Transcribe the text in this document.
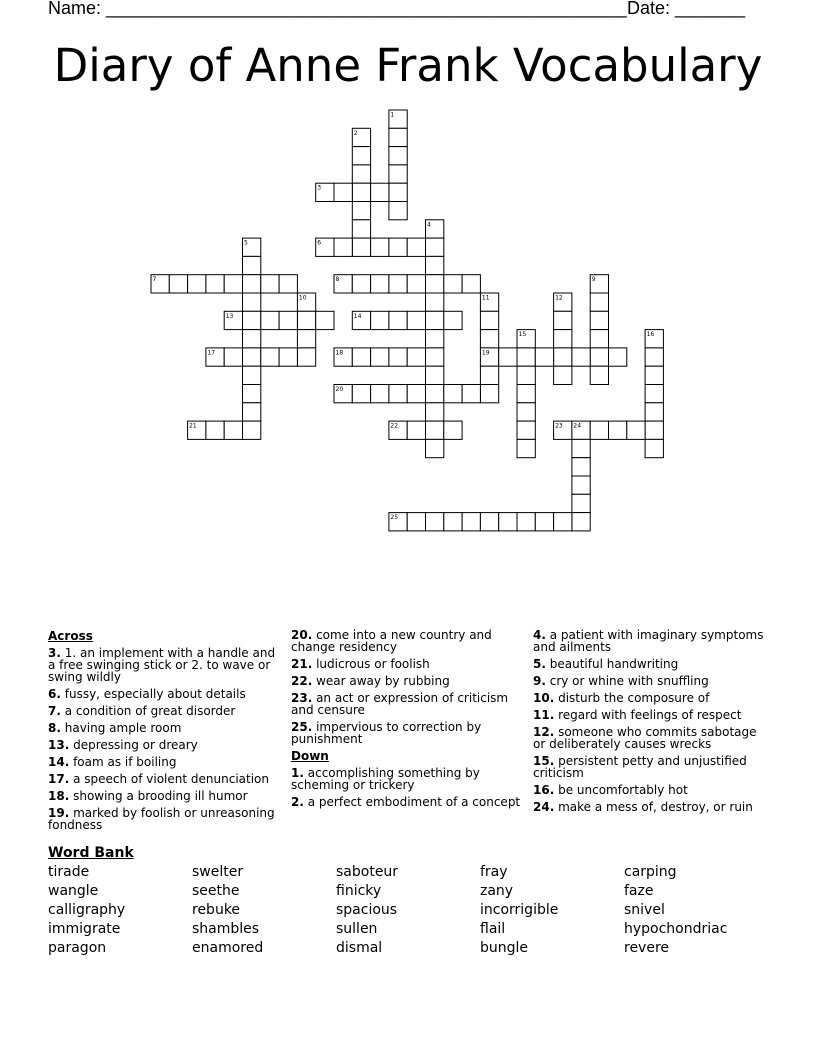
Name: ____________________________________________________ Date: _______
Diary of Anne Frank Vocabulary
1
2
3
4
5	6
7	8	9
10	11
19
12
13	14
15	16
17	18
20
21	22	23 24
25
Across
3. 1. an implement with a handle and a free swinging stick or 2. to wave or swing wildly
6. fussy, especially about details
7. a condition of great disorder
8. having ample room
13. depressing or dreary
14. foam as if boiling
17. a speech of violent denunciation
18. showing a brooding ill humor
19. marked by foolish or unreasoning fondness
20. come into a new country and change residency
21. ludicrous or foolish
22. wear away by rubbing
23. an act or expression of criticism and censure
25. impervious to correction by punishment
Down
1. accomplishing something by scheming or trickery
2. a perfect embodiment of a concept
4. a patient with imaginary symptoms and ailments
5. beautiful handwriting
9. cry or whine with snuffling
10. disturb the composure of
11. regard with feelings of respect
12. someone who commits sabotage or deliberately causes wrecks
15. persistent petty and unjustified criticism
16. be uncomfortably hot
24. make a mess of, destroy, or ruin
Word Bank
tirade	swelter	saboteur	fray	carping
wangle	seethe	finicky	zany	faze
calligraphy	rebuke	spacious	incorrigible	snivel
immigrate	shambles	sullen	flail	hypochondriac
paragon	enamored	dismal	bungle	revere
